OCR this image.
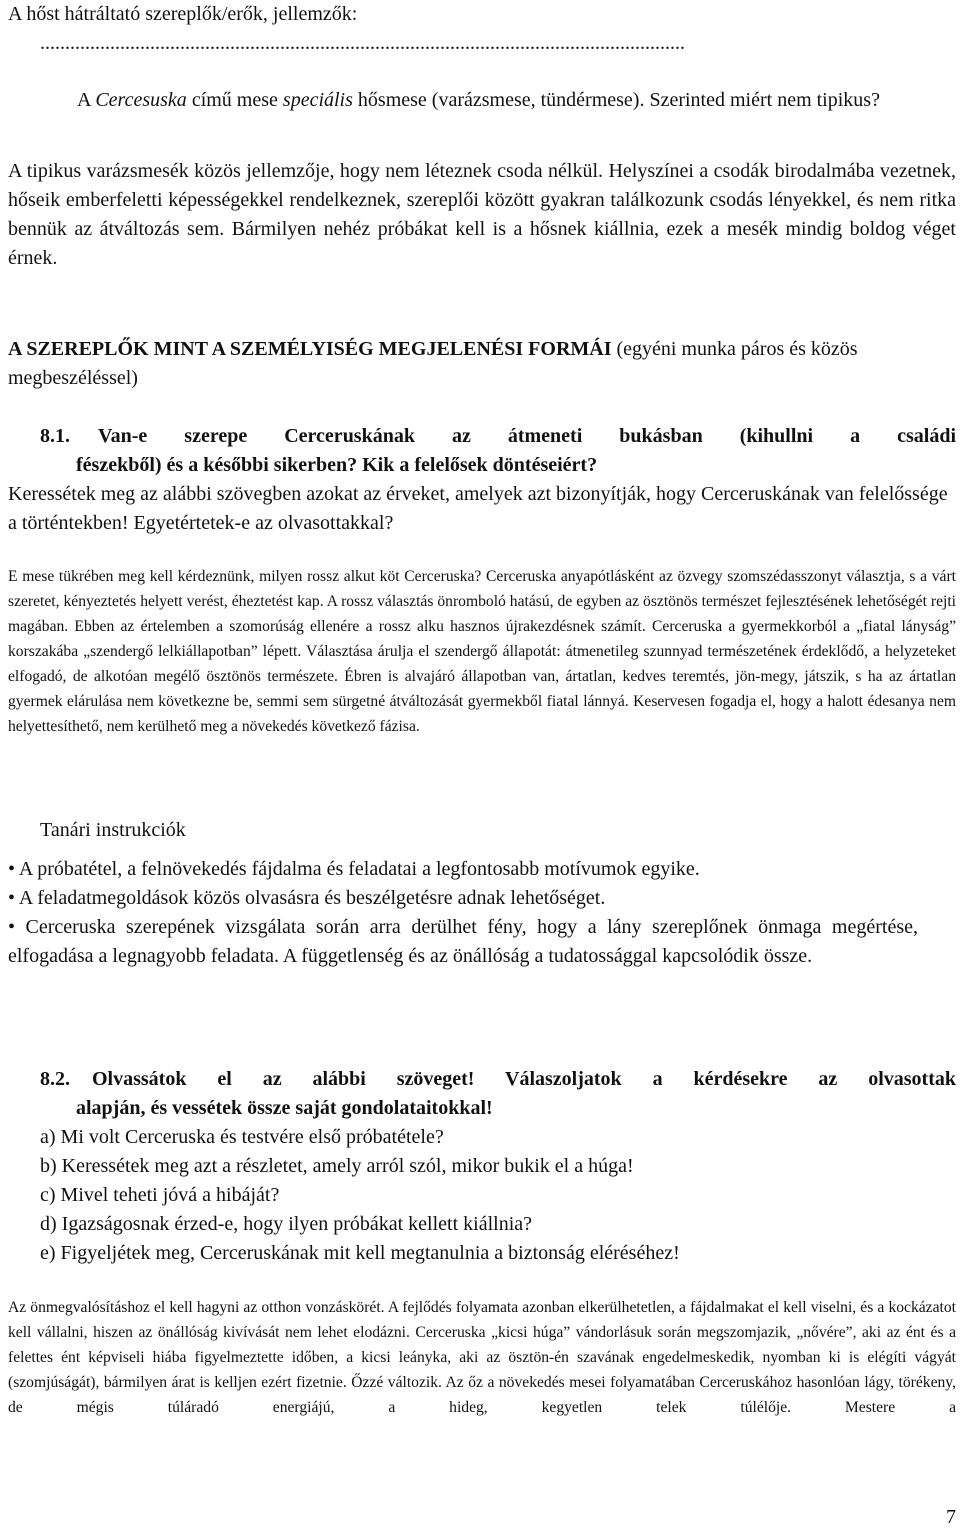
A hőst hátráltató szereplők/erők, jellemzők:

.................................................................................................................................

A Cercesuska című mese speciális hősmese (varázsmese, tündérmese). Szerinted miért nem tipikus?

A tipikus varázsmesék közös jellemzője, hogy nem léteznek csoda nélkül. Helyszínei a csodák birodalmába vezetnek, hőseik emberfeletti képességekkel rendelkeznek, szereplői között gyakran találkozunk csodás lényekkel, és nem ritka bennük az átváltozás sem. Bármilyen nehéz próbákat kell is a hősnek kiállnia, ezek a mesék mindig boldog véget érnek.

A SZEREPLŐK MINT A SZEMÉLYISÉG MEGJELENÉSI FORMÁI (egyéni munka páros és közös megbeszéléssel)

8.1. Van-e szerepe Cerceruskának az átmeneti bukásban (kihullni a családi
fészekből) és a későbbi sikerben? Kik a felelősek döntéseiért?

Keressétek meg az alábbi szövegben azokat az érveket, amelyek azt bizonyítják, hogy Cerceruskának van felelőssége a történtekben! Egyetértetek-e az olvasottakkal?

E mese tükrében meg kell kérdeznünk, milyen rossz alkut köt Cerceruska? Cerceruska anyapótlásként az özvegy szomszédasszonyt választja, s a várt szeretet, kényeztetés helyett verést, éheztetést kap. A rossz választás önromboló hatású, de egyben az ösztönös természet fejlesztésének lehetőségét rejti magában. Ebben az értelemben a szomorúság ellenére a rossz alku hasznos újrakezdésnek számít. Cerceruska a gyermekkorból a „fiatal lányság” korszakába „szendergő lelkiállapotban” lépett. Választása árulja el szendergő állapotát: átmenetileg szunnyad természetének érdeklődő, a helyzeteket elfogadó, de alkotóan megélő ösztönös természete. Ébren is alvajáró állapotban van, ártatlan, kedves teremtés, jön-megy, játszik, s ha az ártatlan gyermek elárulása nem következne be, semmi sem sürgetné átváltozását gyermekből fiatal lánnyá. Keservesen fogadja el, hogy a halott édesanya nem helyettesíthető, nem kerülhető meg a növekedés következő fázisa.

Tanári instrukciók

• A próbatétel, a felnövekedés fájdalma és feladatai a legfontosabb motívumok egyike.
• A feladatmegoldások közös olvasásra és beszélgetésre adnak lehetőséget.
• Cerceruska szerepének vizsgálata során arra derülhet fény, hogy a lány szereplőnek önmaga megértése, elfogadása a legnagyobb feladata. A függetlenség és az önállóság a tudatossággal kapcsolódik össze.
8.2. Olvassátok el az alábbi szöveget! Válaszoljatok a kérdésekre az olvasottak
alapján, és vessétek össze saját gondolataitokkal!
a) Mi volt Cerceruska és testvére első próbatétele?
b) Keressétek meg azt a részletet, amely arról szól, mikor bukik el a húga!
c) Mivel teheti jóvá a hibáját?
d) Igazságosnak érzed-e, hogy ilyen próbákat kellett kiállnia?
e) Figyeljétek meg, Cerceruskának mit kell megtanulnia a biztonság eléréséhez!

Az önmegvalósításhoz el kell hagyni az otthon vonzáskörét. A fejlődés folyamata azonban elkerülhetetlen, a fájdalmakat el kell viselni, és a kockázatot kell vállalni, hiszen az önállóság kivívását nem lehet elodázni. Cerceruska „kicsi húga” vándorlásuk során megszomjazik, „nővére”, aki az ént és a felettes ént képviseli hiába figyelmeztette időben, a kicsi leányka, aki az ösztön-én szavának engedelmeskedik, nyomban ki is elégíti vágyát (szomjúságát), bármilyen árat is kelljen ezért fizetnie. Őzzé változik. Az őz a növekedés mesei folyamatában Cerceruskához hasonlóan lágy, törékeny, de mégis túláradó energiájú, a hideg, kegyetlen telek túlélője. Mestere a

7
